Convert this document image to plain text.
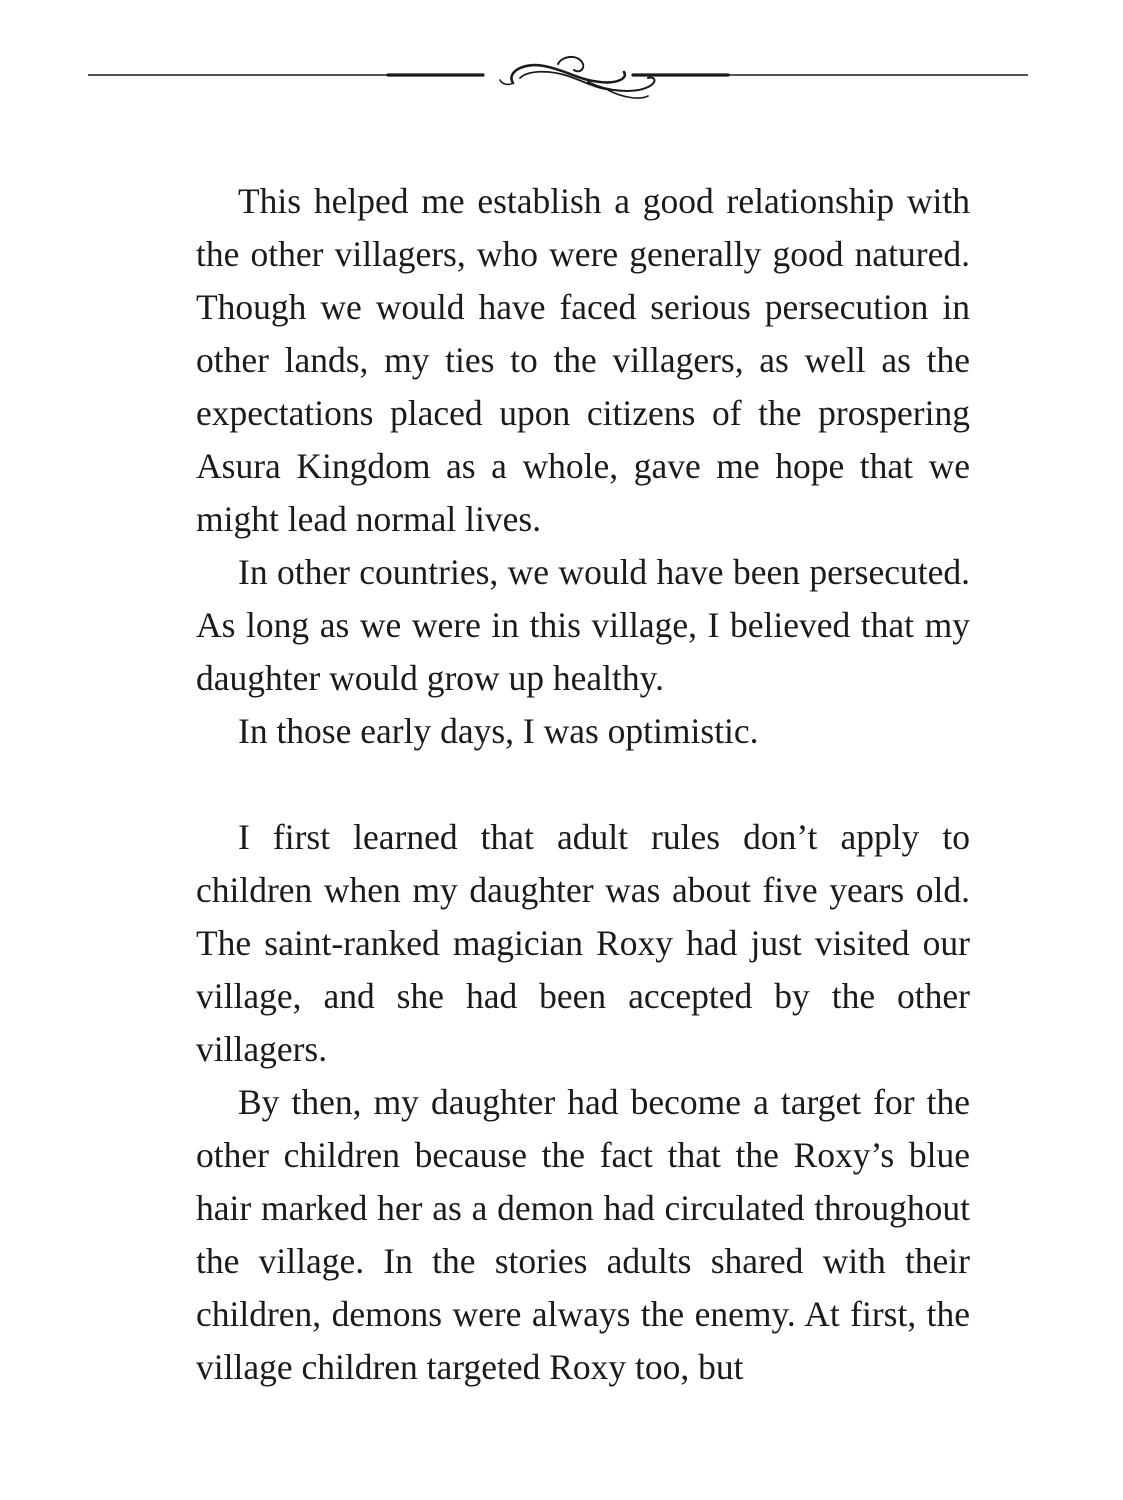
This helped me establish a good relationship with the other villagers, who were generally good natured. Though we would have faced serious persecution in other lands, my ties to the villagers, as well as the expectations placed upon citizens of the prospering Asura Kingdom as a whole, gave me hope that we might lead normal lives.

In other countries, we would have been persecuted. As long as we were in this village, I believed that my daughter would grow up healthy.

In those early days, I was optimistic.

I first learned that adult rules don’t apply to children when my daughter was about five years old. The saint-ranked magician Roxy had just visited our village, and she had been accepted by the other villagers.

By then, my daughter had become a target for the other children because the fact that the Roxy’s blue hair marked her as a demon had circulated throughout the village. In the stories adults shared with their children, demons were always the enemy. At first, the village children targeted Roxy too, but
